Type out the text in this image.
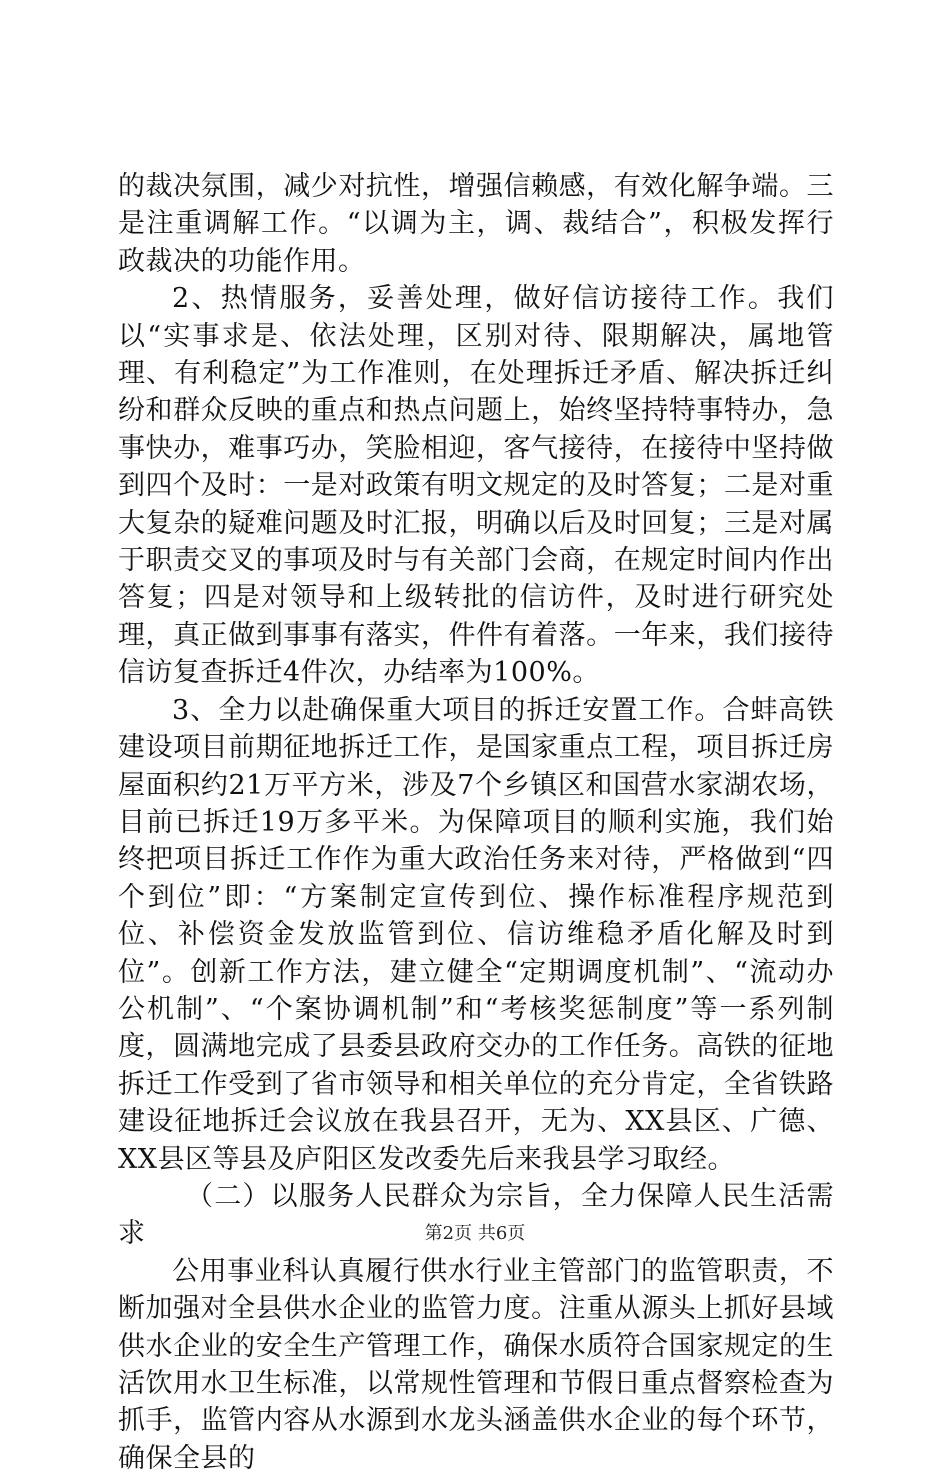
的裁决氛围，减少对抗性，增强信赖感，有效化解争端。三是注重调解工作。“以调为主，调、裁结合”，积极发挥行政裁决的功能作用。

2、热情服务，妥善处理，做好信访接待工作。我们以“实事求是、依法处理，区别对待、限期解决，属地管理、有利稳定”为工作准则，在处理拆迁矛盾、解决拆迁纠纷和群众反映的重点和热点问题上，始终坚持特事特办，急事快办，难事巧办，笑脸相迎，客气接待，在接待中坚持做到四个及时：一是对政策有明文规定的及时答复；二是对重大复杂的疑难问题及时汇报，明确以后及时回复；三是对属于职责交叉的事项及时与有关部门会商，在规定时间内作出答复；四是对领导和上级转批的信访件，及时进行研究处理，真正做到事事有落实，件件有着落。一年来，我们接待信访复查拆迁4件次，办结率为100%。

3、全力以赴确保重大项目的拆迁安置工作。合蚌高铁建设项目前期征地拆迁工作，是国家重点工程，项目拆迁房屋面积约21万平方米，涉及7个乡镇区和国营水家湖农场，目前已拆迁19万多平米。为保障项目的顺利实施，我们始终把项目拆迁工作作为重大政治任务来对待，严格做到“四个到位”即：“方案制定宣传到位、操作标准程序规范到位、补偿资金发放监管到位、信访维稳矛盾化解及时到位”。创新工作方法，建立健全“定期调度机制”、“流动办公机制”、“个案协调机制”和“考核奖惩制度”等一系列制度，圆满地完成了县委县政府交办的工作任务。高铁的征地拆迁工作受到了省市领导和相关单位的充分肯定，全省铁路建设征地拆迁会议放在我县召开，无为、XX县区、广德、XX县区等县及庐阳区发改委先后来我县学习取经。

（二）以服务人民群众为宗旨，全力保障人民生活需求

公用事业科认真履行供水行业主管部门的监管职责，不断加强对全县供水企业的监管力度。注重从源头上抓好县域供水企业的安全生产管理工作，确保水质符合国家规定的生活饮用水卫生标准，以常规性管理和节假日重点督察检查为抓手，监管内容从水源到水龙头涵盖供水企业的每个环节，确保全县的

第2页 共6页
